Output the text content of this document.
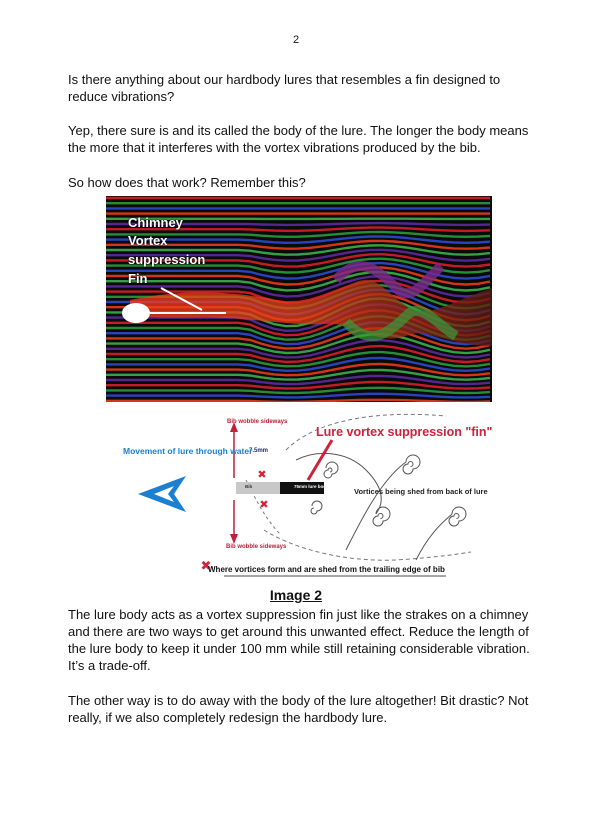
2

Is there anything about our hardbody lures that resembles a fin designed to reduce vibrations?

Yep, there sure is and its called the body of the lure. The longer the body means the more that it interferes with the vortex vibrations produced by the bib.

So how does that work? Remember this?

Chimney
Vortex
suppression
Fin
✖
✖
✖
Bib wobble sideways
Bib wobble sideways
7.5mm
Movement of lure through water
Lure vortex suppression "fin"
Vortices being shed from back of lure
Where vortices form and are shed from the trailing edge of bib
Bib	75mm lure body
Image 2

The lure body acts as a vortex suppression fin just like the strakes on a chimney and there are two ways to get around this unwanted effect. Reduce the length of the lure body to keep it under 100 mm while still retaining considerable vibration. It’s a trade-off.

The other way is to do away with the body of the lure altogether! Bit drastic? Not really, if we also completely redesign the hardbody lure.
